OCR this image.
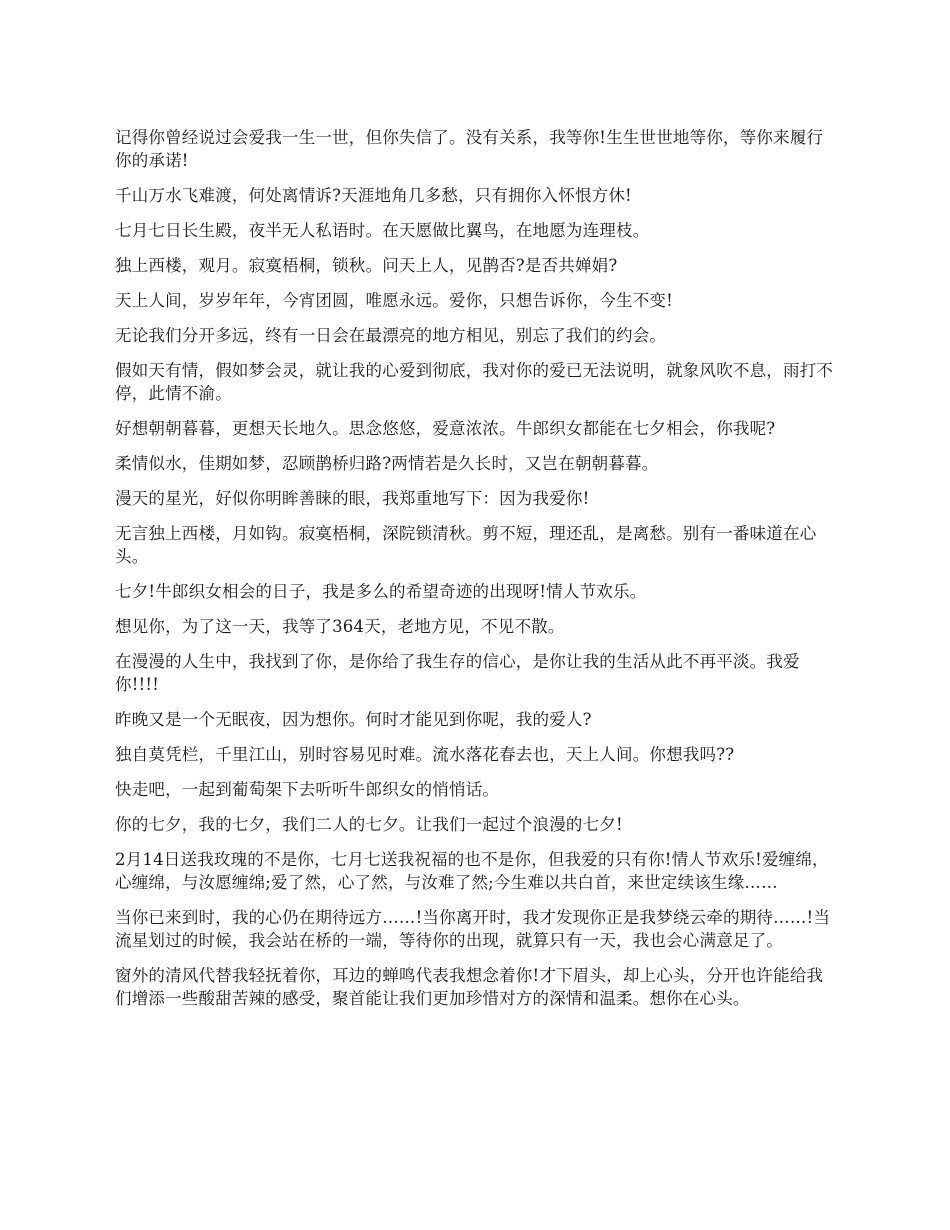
记得你曾经说过会爱我一生一世，但你失信了。没有关系，我等你!生生世世地等你，等你来履行你的承诺!

千山万水飞难渡，何处离情诉?天涯地角几多愁，只有拥你入怀恨方休!

七月七日长生殿，夜半无人私语时。在天愿做比翼鸟，在地愿为连理枝。

独上西楼，观月。寂寞梧桐，锁秋。问天上人，见鹊否?是否共婵娟?

天上人间，岁岁年年，今宵团圆，唯愿永远。爱你，只想告诉你，今生不变!

无论我们分开多远，终有一日会在最漂亮的地方相见，别忘了我们的约会。

假如天有情，假如梦会灵，就让我的心爱到彻底，我对你的爱已无法说明，就象风吹不息，雨打不停，此情不渝。

好想朝朝暮暮，更想天长地久。思念悠悠，爱意浓浓。牛郎织女都能在七夕相会，你我呢?

柔情似水，佳期如梦，忍顾鹊桥归路?两情若是久长时，又岂在朝朝暮暮。

漫天的星光，好似你明眸善睐的眼，我郑重地写下：因为我爱你!

无言独上西楼，月如钩。寂寞梧桐，深院锁清秋。剪不短，理还乱，是离愁。别有一番味道在心头。

七夕!牛郎织女相会的日子，我是多么的希望奇迹的出现呀!情人节欢乐。

想见你，为了这一天，我等了364天，老地方见，不见不散。

在漫漫的人生中，我找到了你，是你给了我生存的信心，是你让我的生活从此不再平淡。我爱你!!!!

昨晚又是一个无眠夜，因为想你。何时才能见到你呢，我的爱人?

独自莫凭栏，千里江山，别时容易见时难。流水落花春去也，天上人间。你想我吗??

快走吧，一起到葡萄架下去听听牛郎织女的悄悄话。

你的七夕，我的七夕，我们二人的七夕。让我们一起过个浪漫的七夕!

2月14日送我玫瑰的不是你，七月七送我祝福的也不是你，但我爱的只有你!情人节欢乐!爱缠绵，心缠绵，与汝愿缠绵;爱了然，心了然，与汝难了然;今生难以共白首，来世定续该生缘……

当你已来到时，我的心仍在期待远方……!当你离开时，我才发现你正是我梦绕云牵的期待……!当流星划过的时候，我会站在桥的一端，等待你的出现，就算只有一天，我也会心满意足了。

窗外的清风代替我轻抚着你，耳边的蝉鸣代表我想念着你!才下眉头，却上心头，分开也许能给我们增添一些酸甜苦辣的感受，聚首能让我们更加珍惜对方的深情和温柔。想你在心头。
